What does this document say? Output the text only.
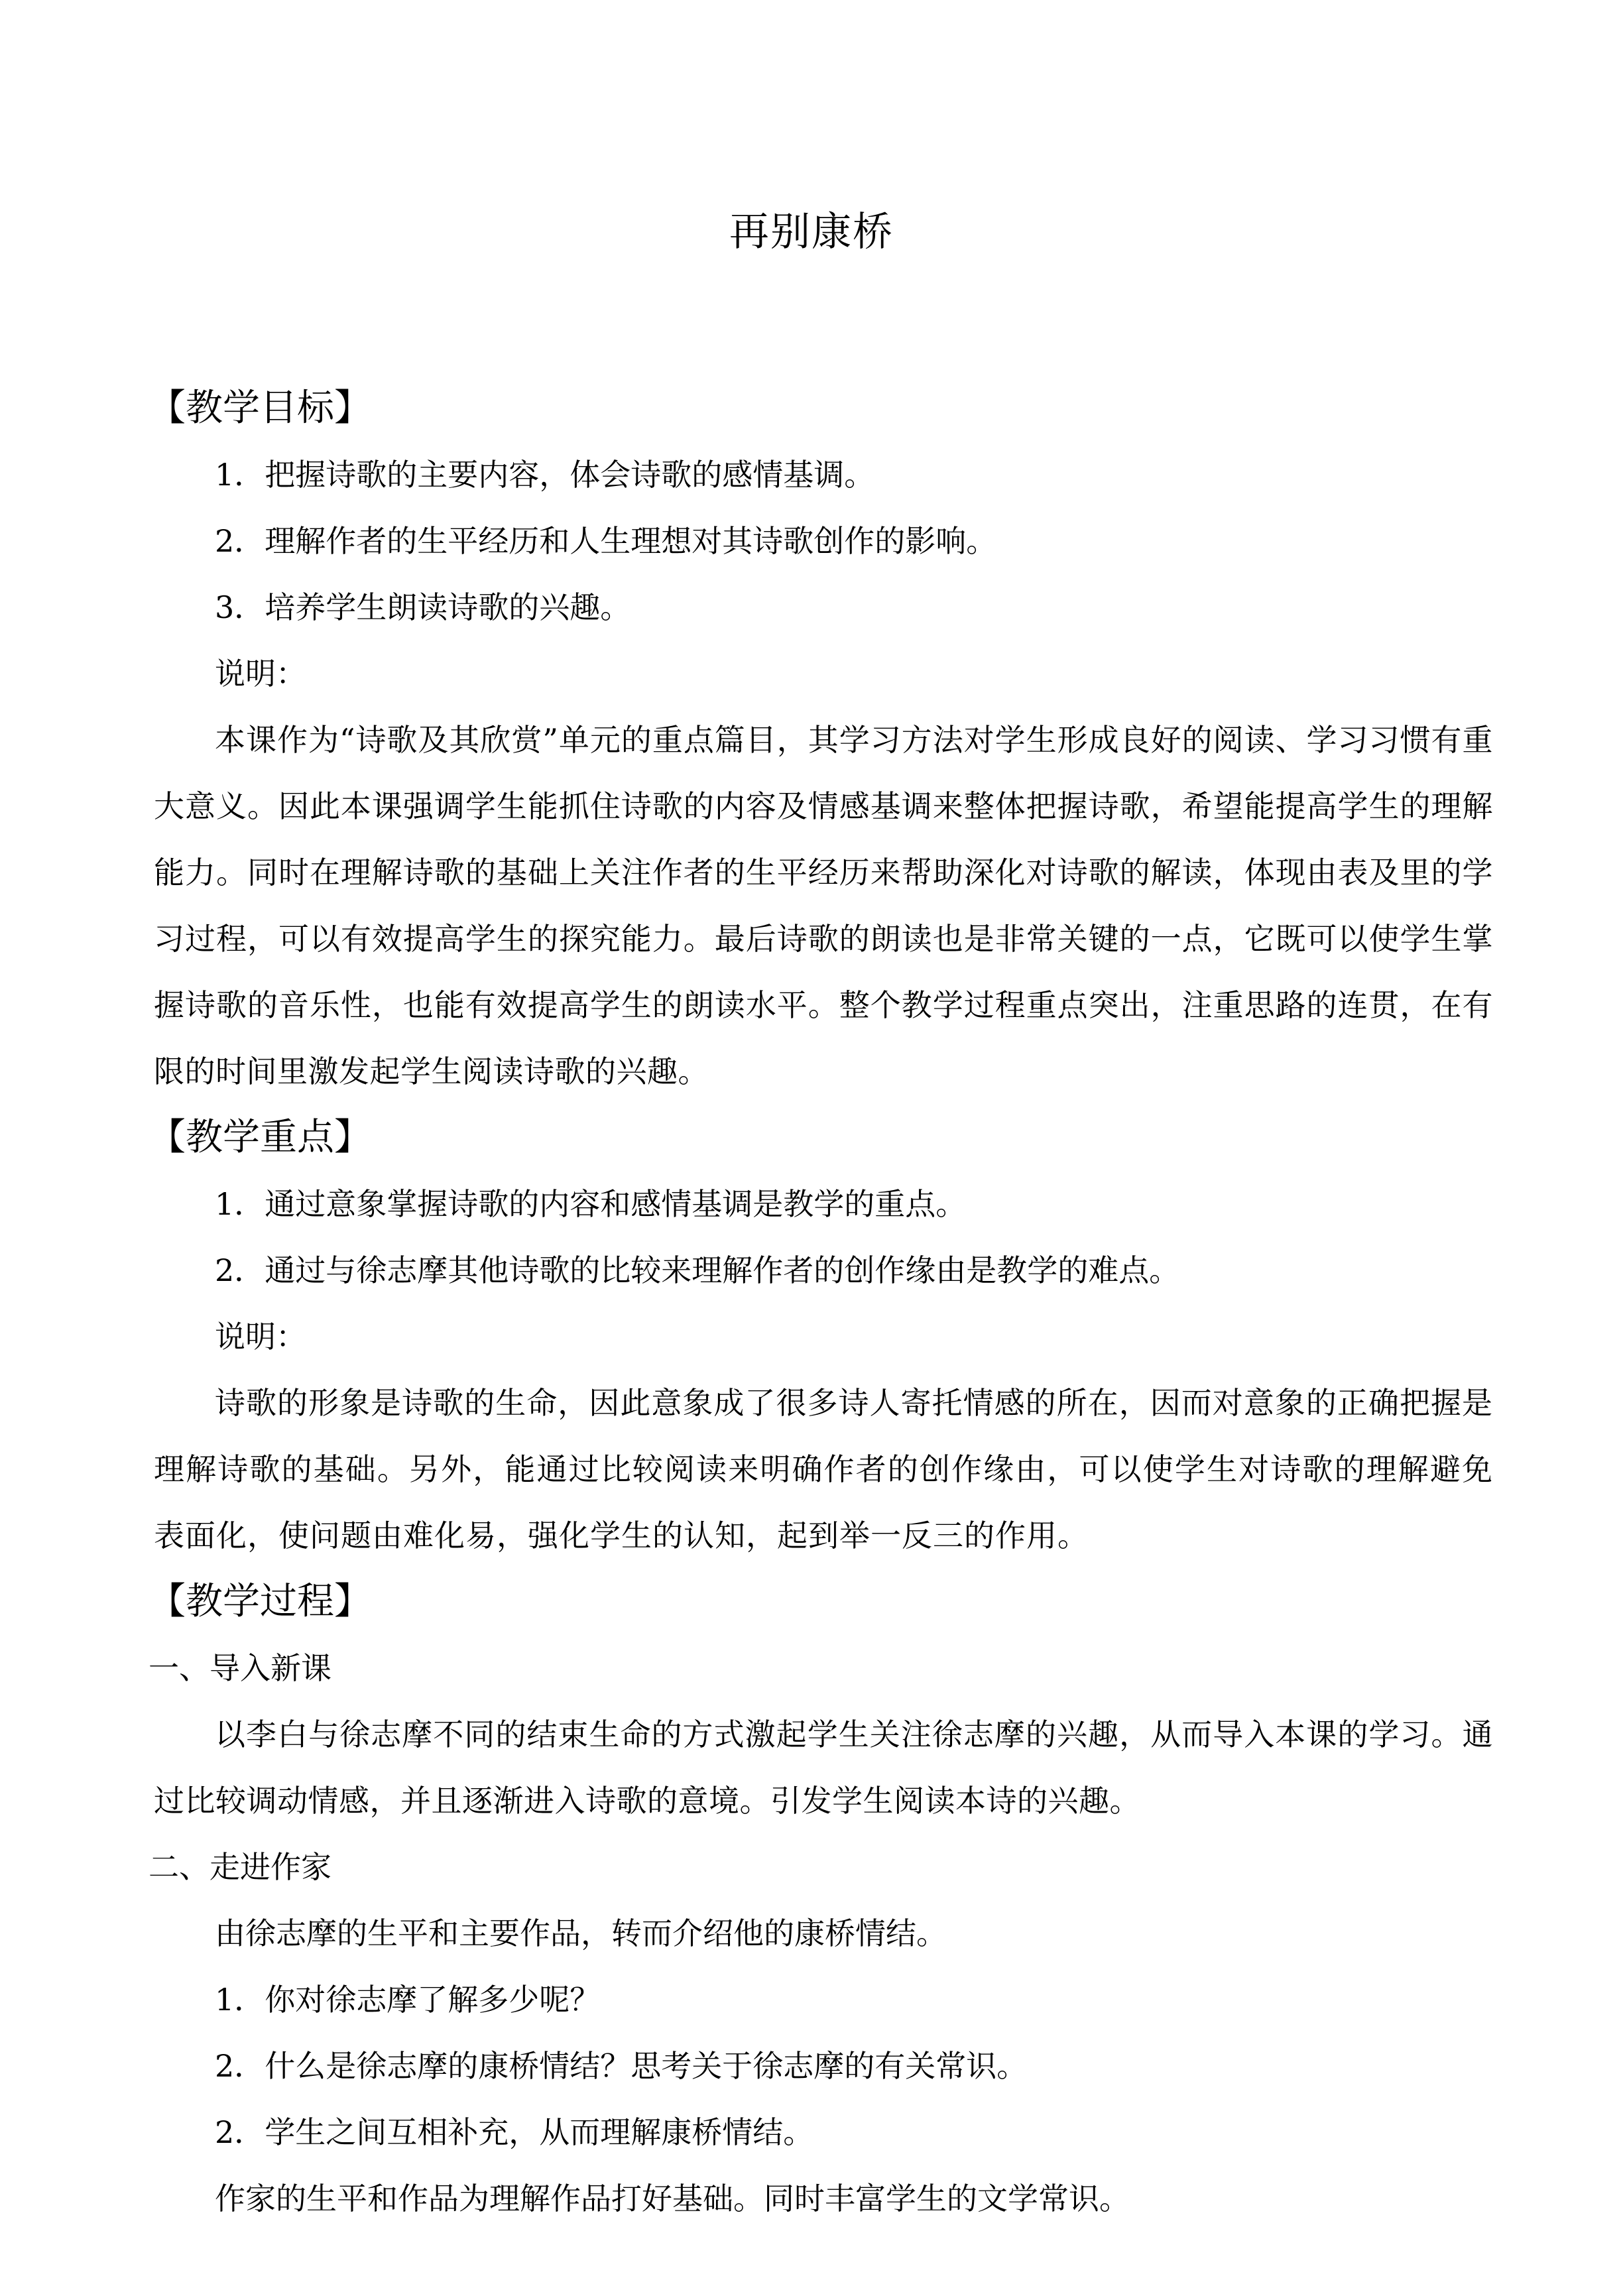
再别康桥
【教学目标】
1．把握诗歌的主要内容，体会诗歌的感情基调。
2．理解作者的生平经历和人生理想对其诗歌创作的影响。
3．培养学生朗读诗歌的兴趣。
说明：
本课作为“诗歌及其欣赏”单元的重点篇目，其学习方法对学生形成良好的阅读、学习习惯有重大意义。因此本课强调学生能抓住诗歌的内容及情感基调来整体把握诗歌，希望能提高学生的理解能力。同时在理解诗歌的基础上关注作者的生平经历来帮助深化对诗歌的解读，体现由表及里的学习过程，可以有效提高学生的探究能力。最后诗歌的朗读也是非常关键的一点，它既可以使学生掌握诗歌的音乐性，也能有效提高学生的朗读水平。整个教学过程重点突出，注重思路的连贯，在有限的时间里激发起学生阅读诗歌的兴趣。
【教学重点】
1．通过意象掌握诗歌的内容和感情基调是教学的重点。
2．通过与徐志摩其他诗歌的比较来理解作者的创作缘由是教学的难点。
说明：
诗歌的形象是诗歌的生命，因此意象成了很多诗人寄托情感的所在，因而对意象的正确把握是理解诗歌的基础。另外，能通过比较阅读来明确作者的创作缘由，可以使学生对诗歌的理解避免表面化，使问题由难化易，强化学生的认知，起到举一反三的作用。
【教学过程】
一、导入新课
以李白与徐志摩不同的结束生命的方式激起学生关注徐志摩的兴趣，从而导入本课的学习。通过比较调动情感，并且逐渐进入诗歌的意境。引发学生阅读本诗的兴趣。
二、走进作家
由徐志摩的生平和主要作品，转而介绍他的康桥情结。
1．你对徐志摩了解多少呢？
2．什么是徐志摩的康桥情结？思考关于徐志摩的有关常识。
2．学生之间互相补充，从而理解康桥情结。
作家的生平和作品为理解作品打好基础。同时丰富学生的文学常识。
